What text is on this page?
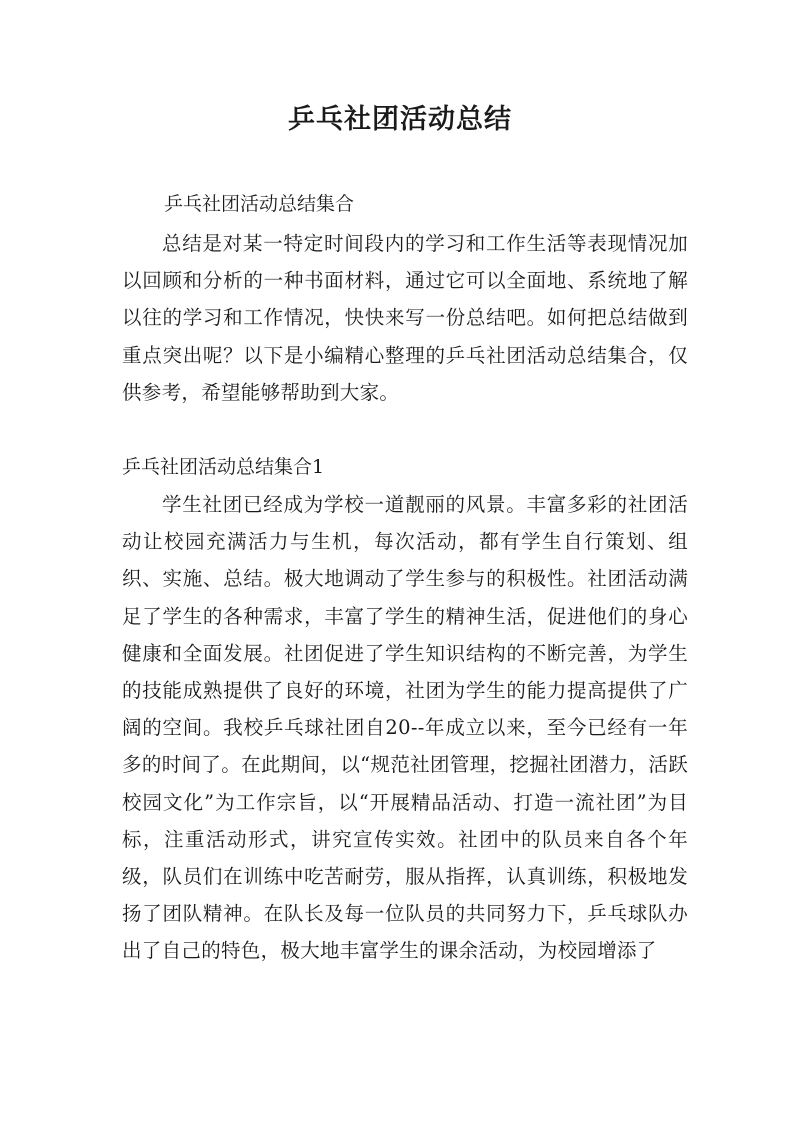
乒乓社团活动总结

乒乓社团活动总结集合

总结是对某一特定时间段内的学习和工作生活等表现情况加以回顾和分析的一种书面材料，通过它可以全面地、系统地了解以往的学习和工作情况，快快来写一份总结吧。如何把总结做到重点突出呢？以下是小编精心整理的乒乓社团活动总结集合，仅供参考，希望能够帮助到大家。

乒乓社团活动总结集合1

学生社团已经成为学校一道靓丽的风景。丰富多彩的社团活动让校园充满活力与生机，每次活动，都有学生自行策划、组织、实施、总结。极大地调动了学生参与的积极性。社团活动满足了学生的各种需求，丰富了学生的精神生活，促进他们的身心健康和全面发展。社团促进了学生知识结构的不断完善，为学生的技能成熟提供了良好的环境，社团为学生的能力提高提供了广阔的空间。我校乒乓球社团自20--年成立以来，至今已经有一年多的时间了。在此期间，以“规范社团管理，挖掘社团潜力，活跃校园文化”为工作宗旨，以“开展精品活动、打造一流社团”为目标，注重活动形式，讲究宣传实效。社团中的队员来自各个年级，队员们在训练中吃苦耐劳，服从指挥，认真训练，积极地发扬了团队精神。在队长及每一位队员的共同努力下，乒乓球队办出了自己的特色，极大地丰富学生的课余活动，为校园增添了
